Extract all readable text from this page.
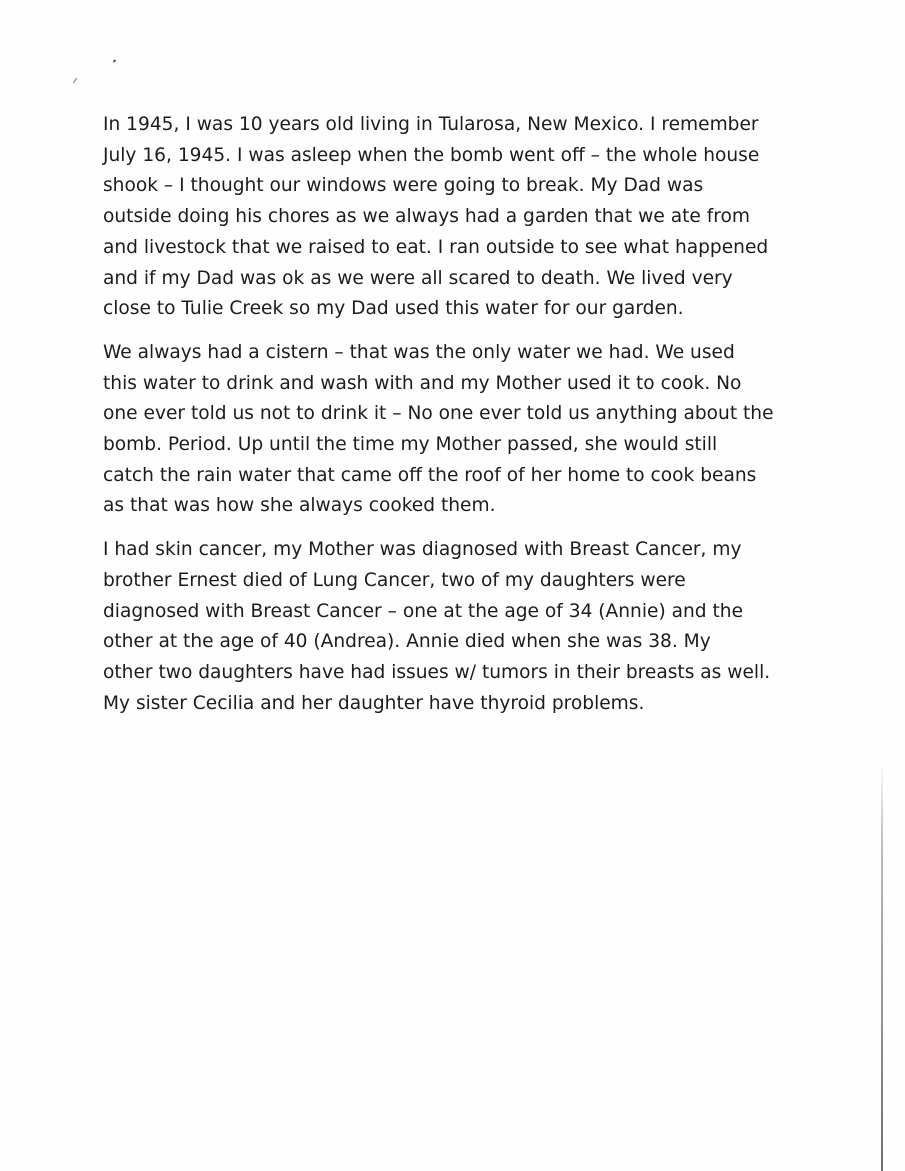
In 1945, I was 10 years old living in Tularosa, New Mexico. I remember
July 16, 1945. I was asleep when the bomb went off – the whole house
shook – I thought our windows were going to break. My Dad was
outside doing his chores as we always had a garden that we ate from
and livestock that we raised to eat. I ran outside to see what happened
and if my Dad was ok as we were all scared to death. We lived very
close to Tulie Creek so my Dad used this water for our garden.
We always had a cistern – that was the only water we had. We used
this water to drink and wash with and my Mother used it to cook. No
one ever told us not to drink it – No one ever told us anything about the
bomb. Period. Up until the time my Mother passed, she would still
catch the rain water that came off the roof of her home to cook beans
as that was how she always cooked them.
I had skin cancer, my Mother was diagnosed with Breast Cancer, my
brother Ernest died of Lung Cancer, two of my daughters were
diagnosed with Breast Cancer – one at the age of 34 (Annie) and the
other at the age of 40 (Andrea). Annie died when she was 38. My
other two daughters have had issues w/ tumors in their breasts as well.
My sister Cecilia and her daughter have thyroid problems.
